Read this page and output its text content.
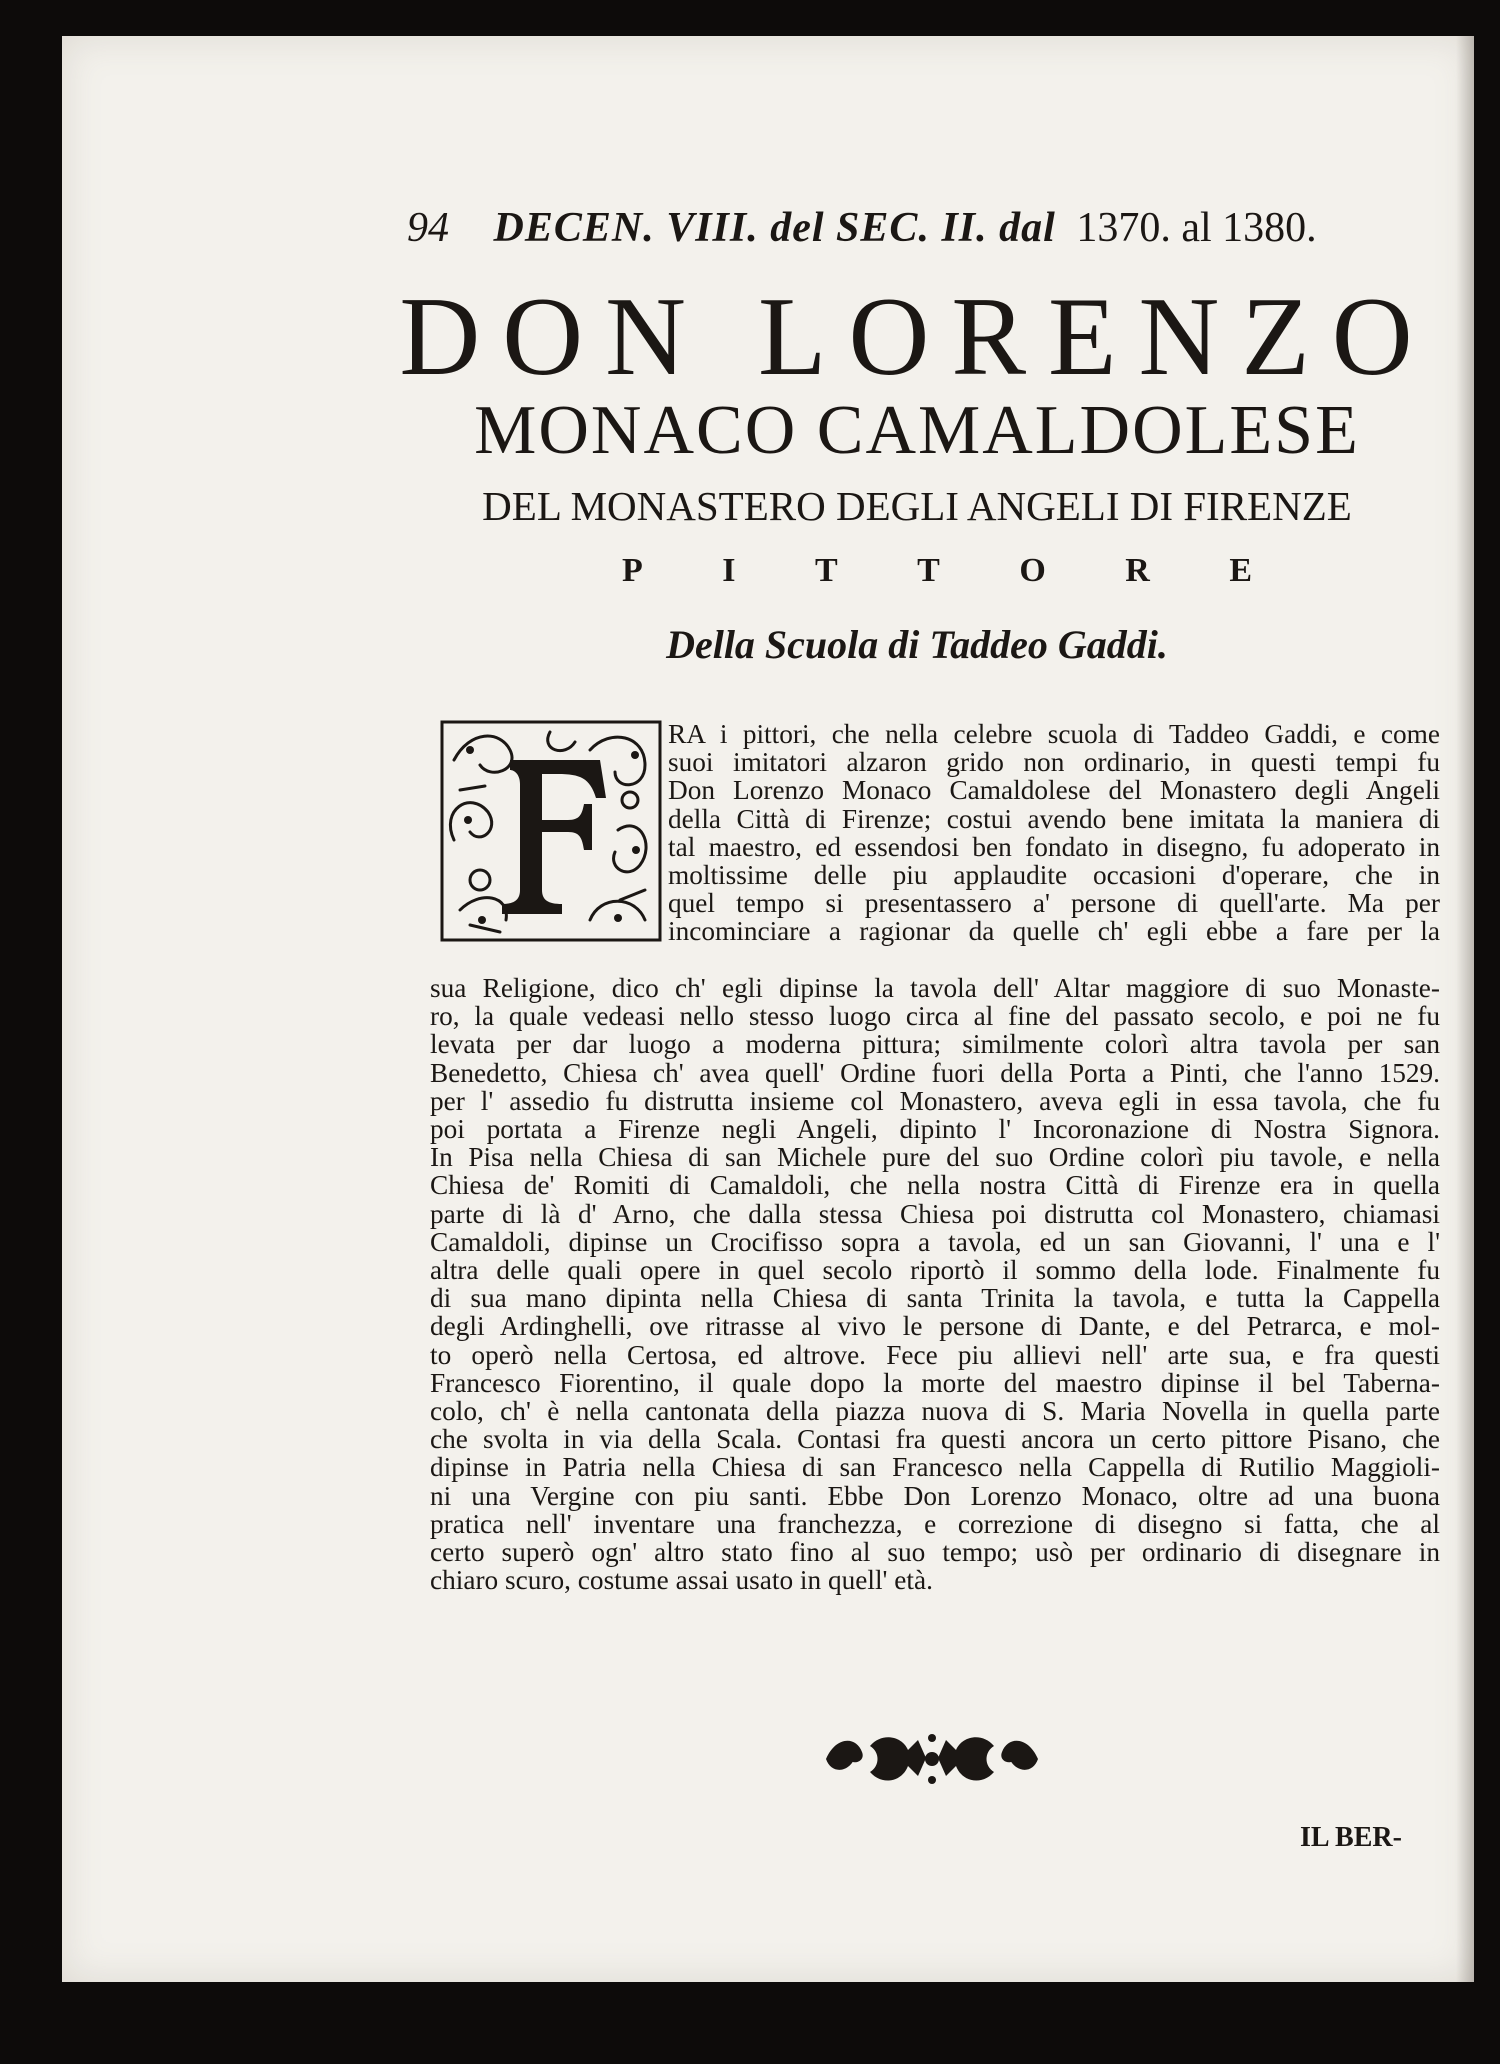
94 DECEN. VIII. del SEC. II. dal 1370. al 1380.
DON LORENZO
MONACO CAMALDOLESE
DEL MONASTERO DEGLI ANGELI DI FIRENZE
P I T T O R E
Della Scuola di Taddeo Gaddi.
RA i pittori, che nella celebre scuola di Taddeo Gaddi, e come
suoi imitatori alzaron grido non ordinario, in questi tempi fu
Don Lorenzo Monaco Camaldolese del Monastero degli Angeli
della Città di Firenze; costui avendo bene imitata la maniera di
tal maestro, ed essendosi ben fondato in disegno, fu adoperato in
moltissime delle piu applaudite occasioni d'operare, che in
quel tempo si presentassero a' persone di quell'arte. Ma per
incominciare a ragionar da quelle ch' egli ebbe a fare per la
sua Religione, dico ch' egli dipinse la tavola dell' Altar maggiore di suo Monaste-
ro, la quale vedeasi nello stesso luogo circa al fine del passato secolo, e poi ne fu
levata per dar luogo a moderna pittura; similmente colorì altra tavola per san
Benedetto, Chiesa ch' avea quell' Ordine fuori della Porta a Pinti, che l'anno 1529.
per l' assedio fu distrutta insieme col Monastero, aveva egli in essa tavola, che fu
poi portata a Firenze negli Angeli, dipinto l' Incoronazione di Nostra Signora.
In Pisa nella Chiesa di san Michele pure del suo Ordine colorì piu tavole, e nella
Chiesa de' Romiti di Camaldoli, che nella nostra Città di Firenze era in quella
parte di là d' Arno, che dalla stessa Chiesa poi distrutta col Monastero, chiamasi
Camaldoli, dipinse un Crocifisso sopra a tavola, ed un san Giovanni, l' una e l'
altra delle quali opere in quel secolo riportò il sommo della lode. Finalmente fu
di sua mano dipinta nella Chiesa di santa Trinita la tavola, e tutta la Cappella
degli Ardinghelli, ove ritrasse al vivo le persone di Dante, e del Petrarca, e mol-
to operò nella Certosa, ed altrove. Fece piu allievi nell' arte sua, e fra questi
Francesco Fiorentino, il quale dopo la morte del maestro dipinse il bel Taberna-
colo, ch' è nella cantonata della piazza nuova di S. Maria Novella in quella parte
che svolta in via della Scala. Contasi fra questi ancora un certo pittore Pisano, che
dipinse in Patria nella Chiesa di san Francesco nella Cappella di Rutilio Maggioli-
ni una Vergine con piu santi. Ebbe Don Lorenzo Monaco, oltre ad una buona
pratica nell' inventare una franchezza, e correzione di disegno si fatta, che al
certo superò ogn' altro stato fino al suo tempo; usò per ordinario di disegnare in
chiaro scuro, costume assai usato in quell' età.
IL BER-
